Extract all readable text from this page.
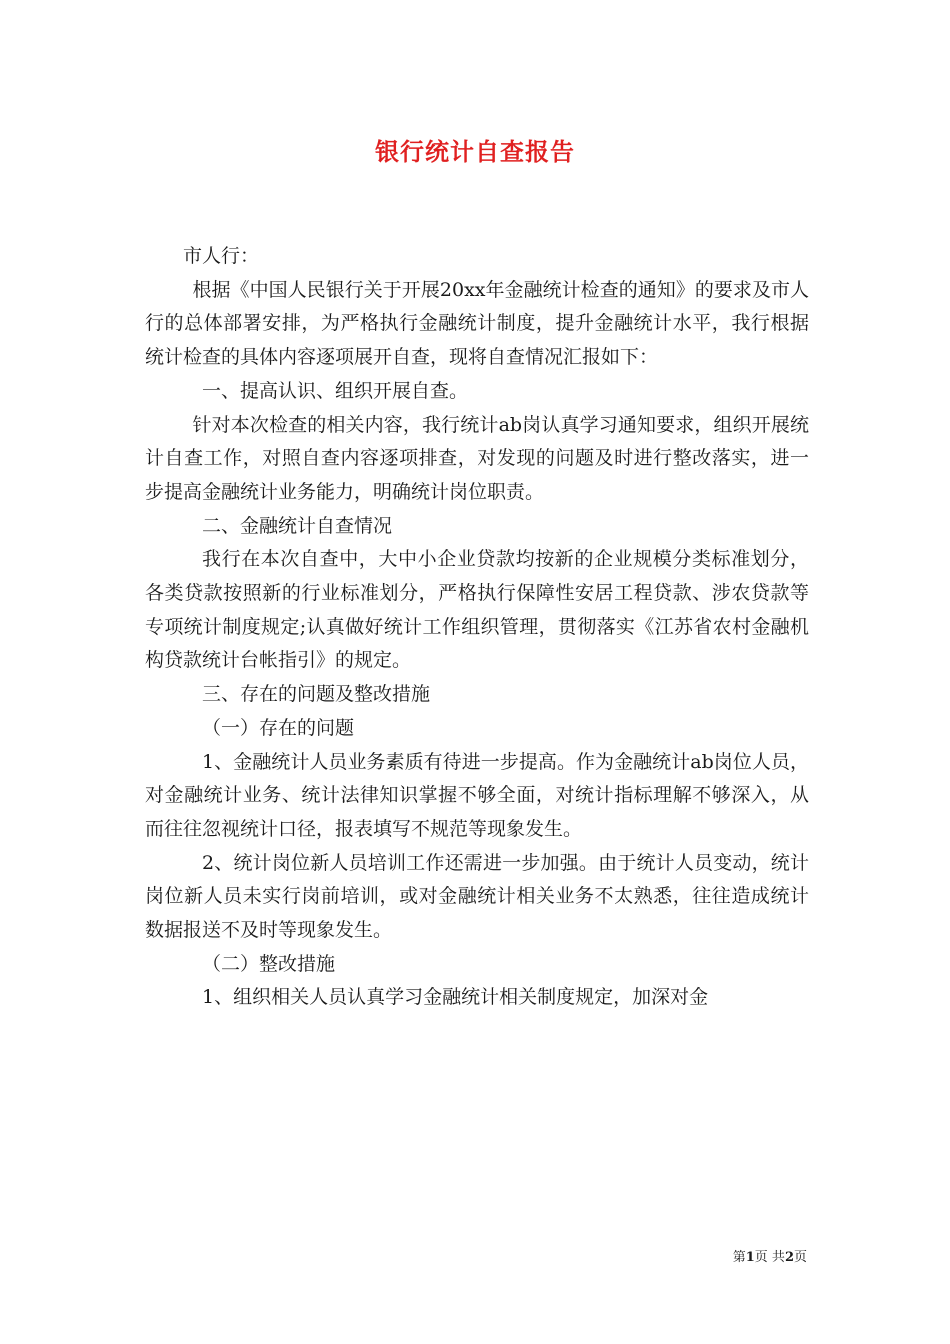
银行统计自查报告

市人行：

根据《中国人民银行关于开展20xx年金融统计检查的通知》的要求及市人行的总体部署安排，为严格执行金融统计制度，提升金融统计水平，我行根据统计检查的具体内容逐项展开自查，现将自查情况汇报如下：

一、提高认识、组织开展自查。

针对本次检查的相关内容，我行统计ab岗认真学习通知要求，组织开展统计自查工作，对照自查内容逐项排查，对发现的问题及时进行整改落实，进一步提高金融统计业务能力，明确统计岗位职责。

二、金融统计自查情况

我行在本次自查中，大中小企业贷款均按新的企业规模分类标准划分，各类贷款按照新的行业标准划分，严格执行保障性安居工程贷款、涉农贷款等专项统计制度规定;认真做好统计工作组织管理，贯彻落实《江苏省农村金融机构贷款统计台帐指引》的规定。

三、存在的问题及整改措施

（一）存在的问题

1、金融统计人员业务素质有待进一步提高。作为金融统计ab岗位人员，对金融统计业务、统计法律知识掌握不够全面，对统计指标理解不够深入，从而往往忽视统计口径，报表填写不规范等现象发生。

2、统计岗位新人员培训工作还需进一步加强。由于统计人员变动，统计岗位新人员未实行岗前培训，或对金融统计相关业务不太熟悉，往往造成统计数据报送不及时等现象发生。

（二）整改措施

1、组织相关人员认真学习金融统计相关制度规定，加深对金

第1页 共2页
